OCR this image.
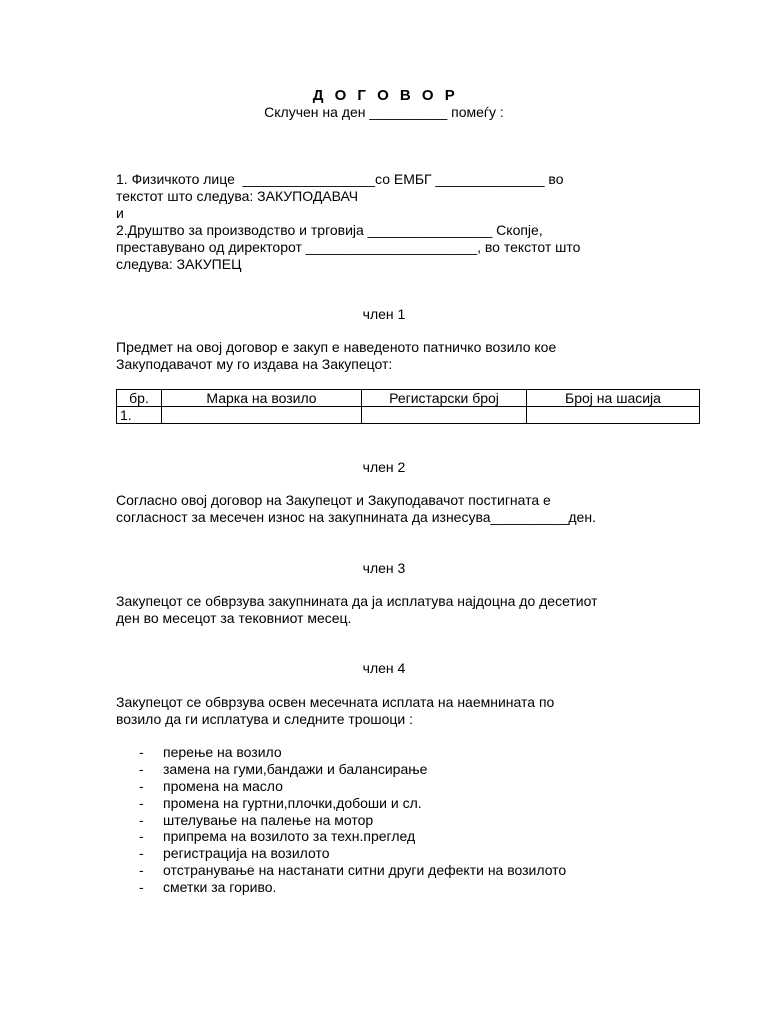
Д О Г О В О Р
Склучен на ден __________ помеѓу :
1. Физичкото лице  _________________со ЕМБГ ______________ во
текстот што следува: ЗАКУПОДАВАЧ
и
2.Друштво за производство и трговија ________________ Скопје,
преставувано од директорот ______________________, во текстот што
следува: ЗАКУПЕЦ
член 1
Предмет на овој договор е закуп е наведеното патничко возило кое
Закуподавачот му го издава на Закупецот:
бр.	Марка на возило	Регистарски број	Број на шасија
1.			
член 2
Согласно овој договор на Закупецот и Закуподавачот постигната е
согласност за месечен износ на закупнината да изнесува__________ден.
член 3
Закупецот се обврзува закупнината да ја исплатува најдоцна до десетиот
ден во месецот за тековниот месец.
член 4
Закупецот се обврзува освен месечната исплата на наемнината по
возило да ги исплатува и следните трошоци :
- перење на возило
- замена на гуми,бандажи и балансирање
- промена на масло
- промена на гуртни,плочки,добоши и сл.
- штелување на палење на мотор
- припрема на возилото за техн.преглед
- регистрација на возилото
- отстранување на настанати ситни други дефекти на возилото
- сметки за гориво.
